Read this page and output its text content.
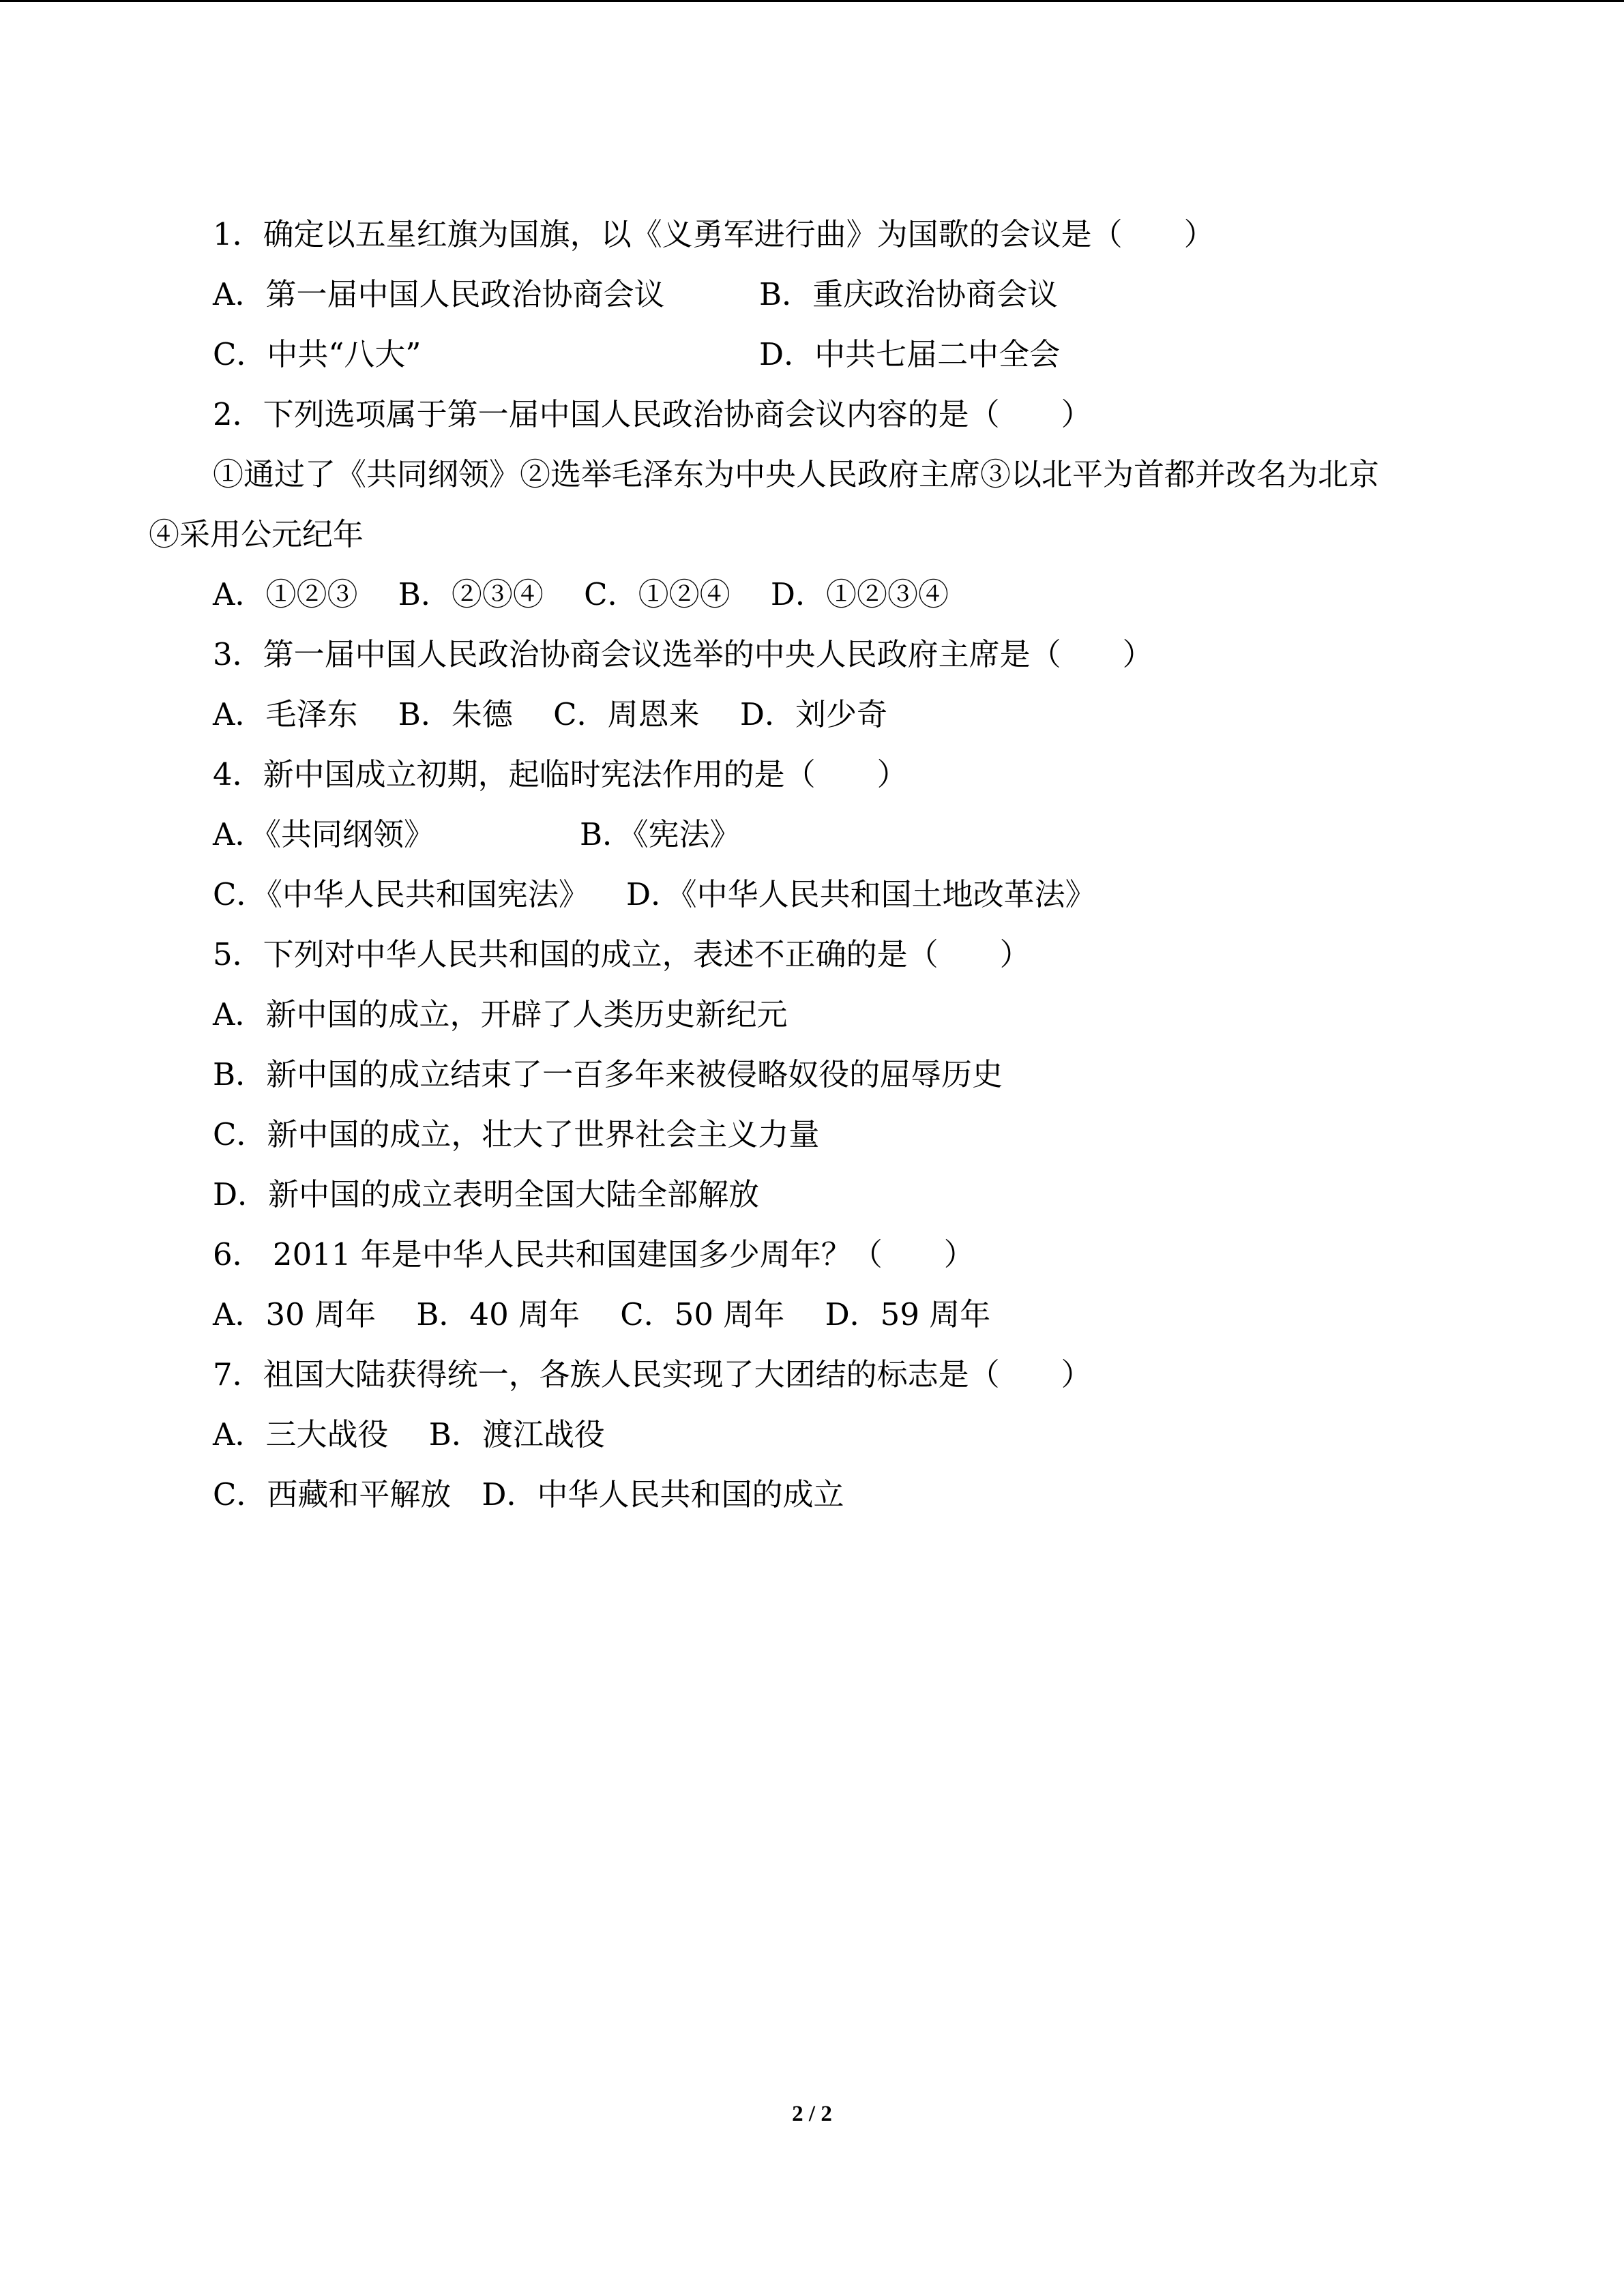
1．确定以五星红旗为国旗，以《义勇军进行曲》为国歌的会议是（　　）
A．第一届中国人民政治协商会议	B．重庆政治协商会议
C．中共“八大”	D．中共七届二中全会
2．下列选项属于第一届中国人民政治协商会议内容的是（　　）
①通过了《共同纲领》②选举毛泽东为中央人民政府主席③以北平为首都并改名为北京
④采用公元纪年
A．①②③　 B．②③④　 C．①②④　 D．①②③④
3．第一届中国人民政治协商会议选举的中央人民政府主席是（　　）
A．毛泽东　 B．朱德　 C．周恩来　 D．刘少奇
4．新中国成立初期，起临时宪法作用的是（　　）
A．《共同纲领》	B．《宪法》
C．《中华人民共和国宪法》 D．《中华人民共和国土地改革法》
5．下列对中华人民共和国的成立，表述不正确的是（　　）
A．新中国的成立，开辟了人类历史新纪元
B．新中国的成立结束了一百多年来被侵略奴役的屈辱历史
C．新中国的成立，壮大了世界社会主义力量
D．新中国的成立表明全国大陆全部解放
6． 2011 年是中华人民共和国建国多少周年？（　　）
A．30 周年　 B．40 周年　 C．50 周年　 D．59 周年
7．祖国大陆获得统一，各族人民实现了大团结的标志是（　　）
A．三大战役　 B．渡江战役
C．西藏和平解放　D．中华人民共和国的成立
2 / 2
